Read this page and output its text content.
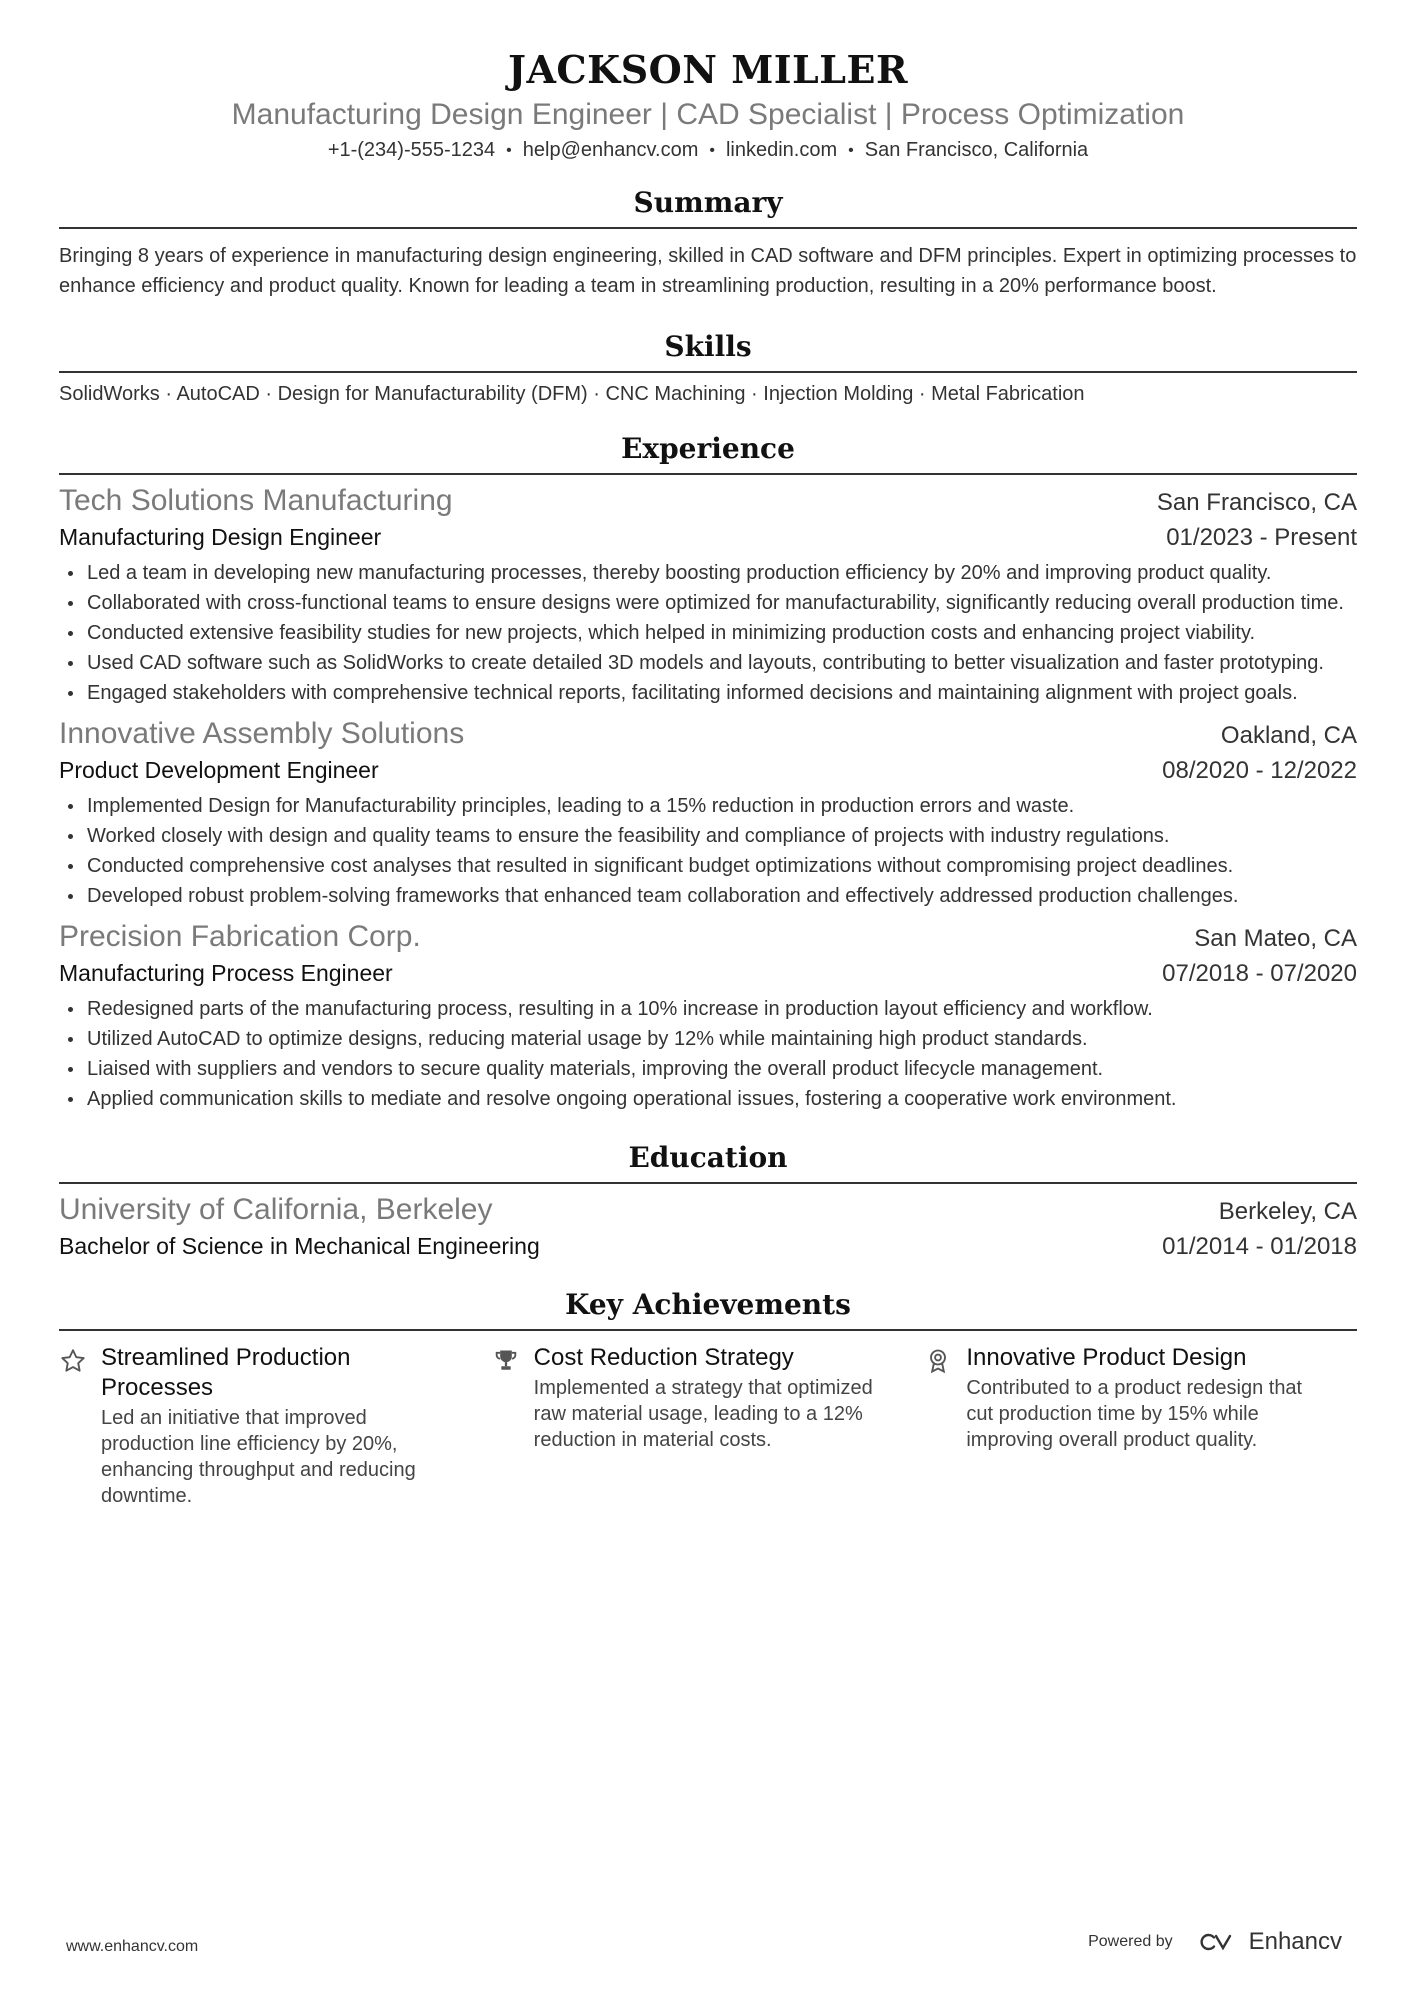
JACKSON MILLER
Manufacturing Design Engineer | CAD Specialist | Process Optimization
+1-(234)-555-1234 • help@enhancv.com • linkedin.com • San Francisco, California
Summary
Bringing 8 years of experience in manufacturing design engineering, skilled in CAD software and DFM principles. Expert in optimizing processes to enhance efficiency and product quality. Known for leading a team in streamlining production, resulting in a 20% performance boost.
Skills
SolidWorks · AutoCAD · Design for Manufacturability (DFM) · CNC Machining · Injection Molding · Metal Fabrication
Experience
Tech Solutions Manufacturing	San Francisco, CA
Manufacturing Design Engineer	01/2023 - Present
Led a team in developing new manufacturing processes, thereby boosting production efficiency by 20% and improving product quality.
Collaborated with cross-functional teams to ensure designs were optimized for manufacturability, significantly reducing overall production time.
Conducted extensive feasibility studies for new projects, which helped in minimizing production costs and enhancing project viability.
Used CAD software such as SolidWorks to create detailed 3D models and layouts, contributing to better visualization and faster prototyping.
Engaged stakeholders with comprehensive technical reports, facilitating informed decisions and maintaining alignment with project goals.
Innovative Assembly Solutions	Oakland, CA
Product Development Engineer	08/2020 - 12/2022
Implemented Design for Manufacturability principles, leading to a 15% reduction in production errors and waste.
Worked closely with design and quality teams to ensure the feasibility and compliance of projects with industry regulations.
Conducted comprehensive cost analyses that resulted in significant budget optimizations without compromising project deadlines.
Developed robust problem-solving frameworks that enhanced team collaboration and effectively addressed production challenges.
Precision Fabrication Corp.	San Mateo, CA
Manufacturing Process Engineer	07/2018 - 07/2020
Redesigned parts of the manufacturing process, resulting in a 10% increase in production layout efficiency and workflow.
Utilized AutoCAD to optimize designs, reducing material usage by 12% while maintaining high product standards.
Liaised with suppliers and vendors to secure quality materials, improving the overall product lifecycle management.
Applied communication skills to mediate and resolve ongoing operational issues, fostering a cooperative work environment.
Education
University of California, Berkeley	Berkeley, CA
Bachelor of Science in Mechanical Engineering	01/2014 - 01/2018
Key Achievements
Streamlined Production Processes
Led an initiative that improved production line efficiency by 20%, enhancing throughput and reducing downtime.
Cost Reduction Strategy
Implemented a strategy that optimized raw material usage, leading to a 12% reduction in material costs.
Innovative Product Design
Contributed to a product redesign that cut production time by 15% while improving overall product quality.
www.enhancv.com	Powered by	Enhancv
